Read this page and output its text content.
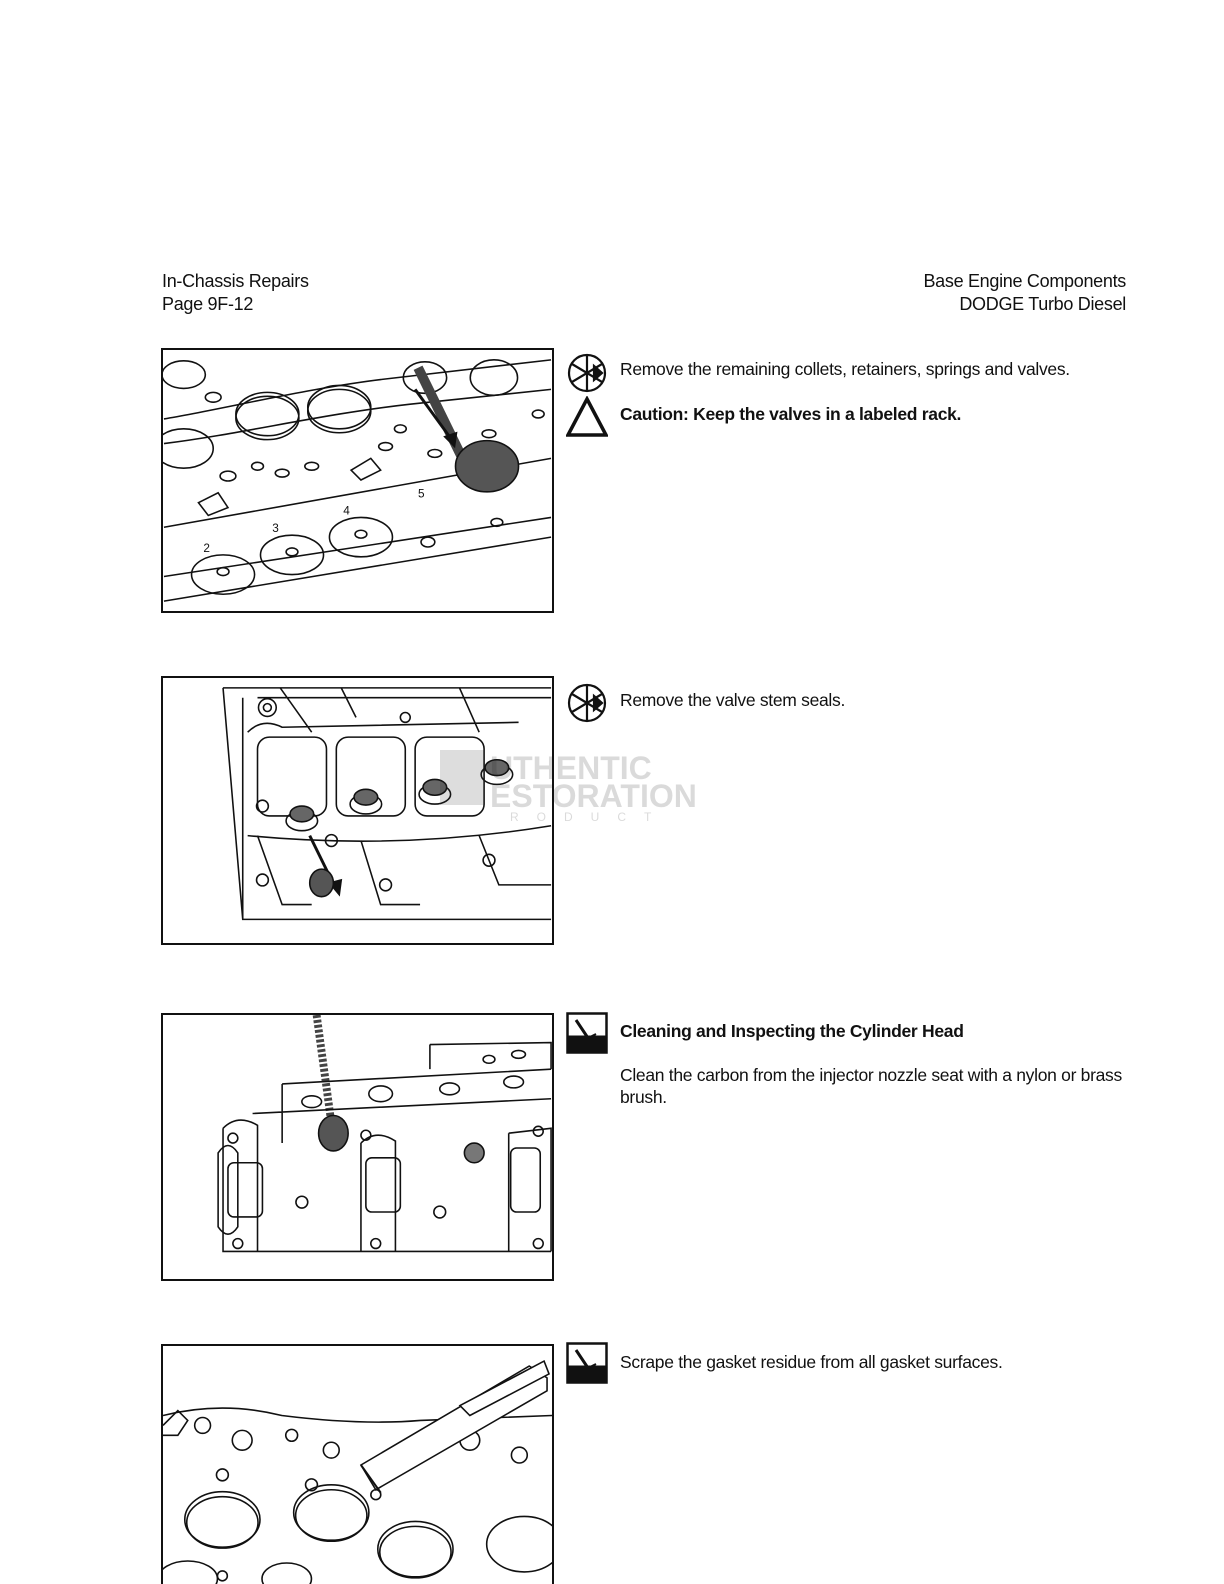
In-Chassis Repairs
Page 9F-12
Base Engine Components
DODGE Turbo Diesel
2
3
4
5
Remove the remaining collets, retainers, springs and valves.
Caution: Keep the valves in a labeled rack.
Remove the valve stem seals.
UTHENTIC
ESTORATION
RODUCT
Cleaning and Inspecting the Cylinder Head
Clean the carbon from the injector nozzle seat with a nylon or brass brush.
Scrape the gasket residue from all gasket surfaces.
